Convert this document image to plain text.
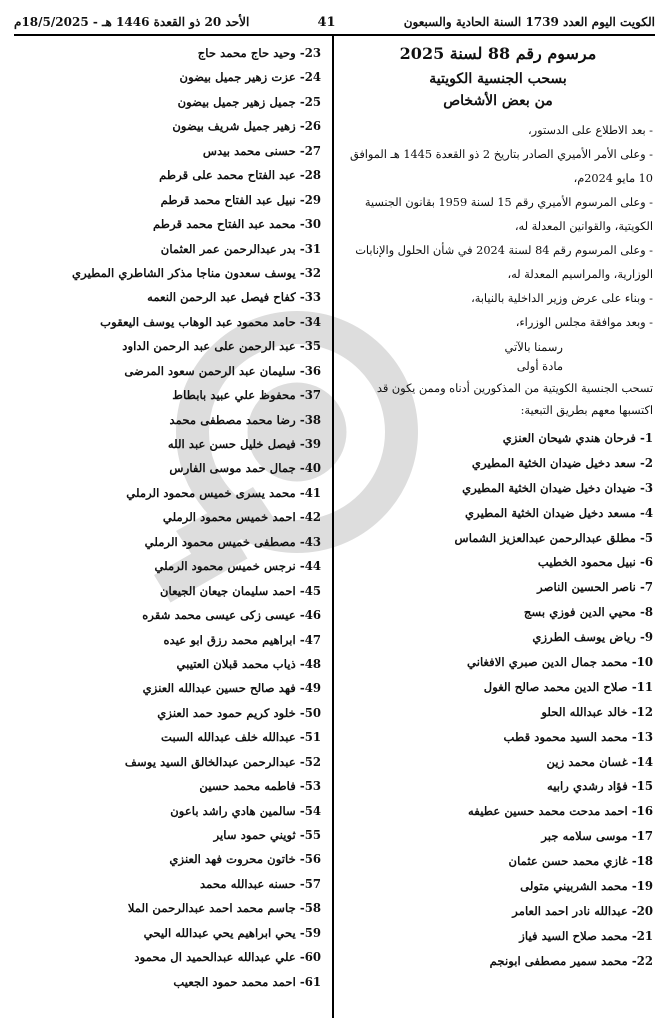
الكويت اليوم العدد 1739 السنة الحادية والسبعون
41
الأحد 20 ذو القعدة 1446 هـ - 18/5/2025م
مرسوم رقم 88 لسنة 2025
بسحب الجنسية الكويتية
من بعض الأشخاص
- بعد الاطلاع على الدستور،
- وعلى الأمر الأميري الصادر بتاريخ 2 ذو القعدة 1445 هـ الموافق 10 مايو 2024م،
- وعلى المرسوم الأميري رقم 15 لسنة 1959 بقانون الجنسية الكويتية، والقوانين المعدلة له،
- وعلى المرسوم رقم 84 لسنة 2024 في شأن الحلول والإنابات الوزارية، والمراسيم المعدلة له،
- وبناء على عرض وزير الداخلية بالنيابة،
- وبعد موافقة مجلس الوزراء،
رسمنا بالآتي
مادة أولى
تسحب الجنسية الكويتية من المذكورين أدناه وممن يكون قد اكتسبها معهم بطريق التبعية:
1- فرحان هندي شيحان العنزي
2- سعد دخيل ضيدان الخثية المطيري
3- ضيدان دخيل ضيدان الخثية المطيري
4- مسعد دخيل ضيدان الخثية المطيري
5- مطلق عبدالرحمن عبدالعزيز الشماس
6- نبيل محمود الخطيب
7- ناصر الحسين الناصر
8- محيي الدين فوزي بسج
9- رياض يوسف الطرزي
10- محمد جمال الدين صبري الافغاني
11- صلاح الدين محمد صالح الغول
12- خالد عبدالله الحلو
13- محمد السيد محمود قطب
14- غسان محمد زين
15- فؤاد رشدي رابيه
16- احمد مدحت محمد حسين عطيفه
17- موسى سلامه جبر
18- غازي محمد حسن عثمان
19- محمد الشربيني متولى
20- عبدالله نادر احمد العامر
21- محمد صلاح السيد فياز
22- محمد سمير مصطفى ابونجم
23- وحيد حاج محمد حاج
24- عزت زهير جميل بيضون
25- جميل زهير جميل بيضون
26- زهير جميل شريف بيضون
27- حسنى محمد بيدس
28- عبد الفتاح محمد على قرطم
29- نبيل عبد الفتاح محمد قرطم
30- محمد عبد الفتاح محمد قرطم
31- بدر عبدالرحمن عمر العثمان
32- يوسف سعدون مناجا مذكر الشاطري المطيري
33- كفاح فيصل عبد الرحمن النعمه
34- حامد محمود عبد الوهاب يوسف اليعقوب
35- عبد الرحمن على عبد الرحمن الداود
36- سليمان عبد الرحمن سعود المرضى
37- محفوظ علي عبيد بابطاط
38- رضا محمد مصطفى محمد
39- فيصل خليل حسن عبد الله
40- جمال حمد موسى الفارس
41- محمد يسرى خميس محمود الرملي
42- احمد خميس محمود الرملي
43- مصطفى خميس محمود الرملي
44- نرجس خميس محمود الرملي
45- احمد سليمان جيعان الجيعان
46- عيسى زكى عيسى محمد شقره
47- ابراهيم محمد رزق ابو عيده
48- ذياب محمد قبلان العتيبي
49- فهد صالح حسين عبدالله العنزي
50- خلود كريم حمود حمد العنزي
51- عبدالله خلف عبدالله السبت
52- عبدالرحمن عبدالخالق السيد يوسف
53- فاطمه محمد حسين
54- سالمين هادي راشد باعون
55- ثويني حمود ساير
56- خاتون محروت فهد العنزي
57- حسنه عبدالله محمد
58- جاسم محمد احمد عبدالرحمن الملا
59- يحي ابراهيم يحي عبدالله اليحي
60- علي عبدالله عبدالحميد ال محمود
61- احمد محمد حمود الجعيب
